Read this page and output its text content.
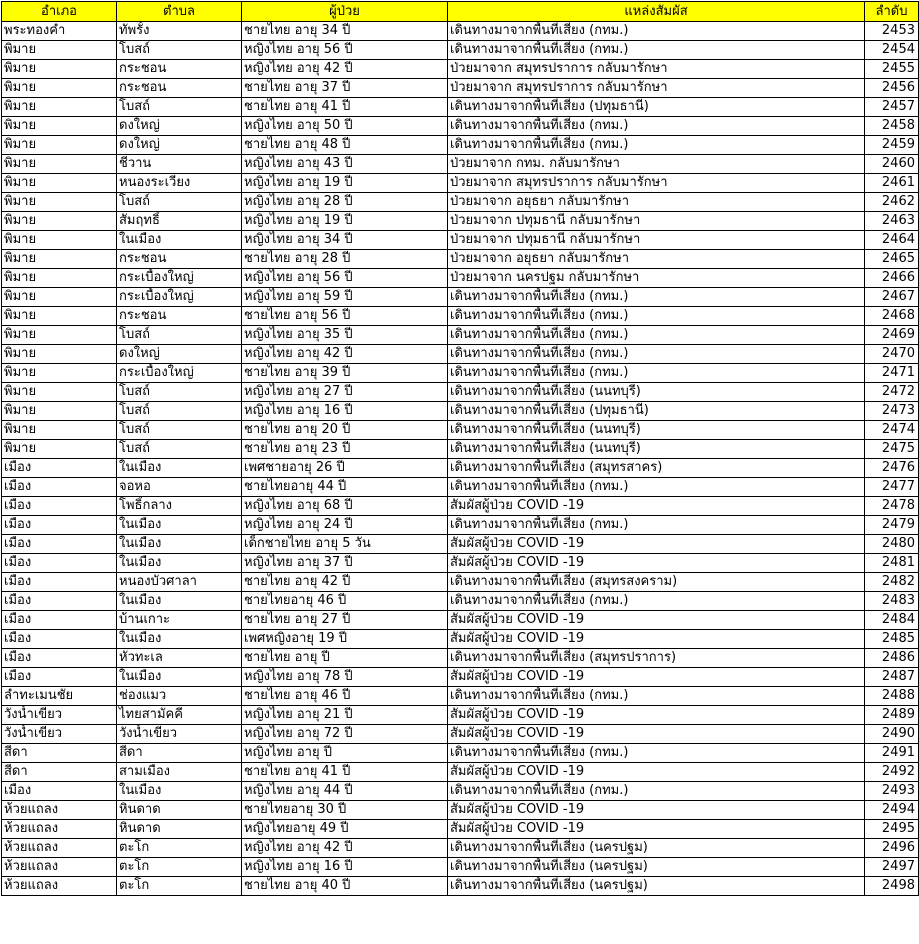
อำเภอ	ตำบล	ผู้ป่วย	แหล่งสัมผัส	ลำดับ
พระทองคำ	ทัพรั้ง	ชายไทย อายุ 34 ปี	เดินทางมาจากพื้นที่เสี่ยง (กทม.)	2453
พิมาย	โบสถ์	หญิงไทย อายุ 56 ปี	เดินทางมาจากพื้นที่เสี่ยง (กทม.)	2454
พิมาย	กระชอน	หญิงไทย อายุ 42 ปี	ป่วยมาจาก สมุทรปราการ กลับมารักษา	2455
พิมาย	กระชอน	ชายไทย อายุ 37 ปี	ป่วยมาจาก สมุทรปราการ กลับมารักษา	2456
พิมาย	โบสถ์	ชายไทย อายุ 41 ปี	เดินทางมาจากพื้นที่เสี่ยง (ปทุมธานี)	2457
พิมาย	ดงใหญ่	หญิงไทย อายุ 50 ปี	เดินทางมาจากพื้นที่เสี่ยง (กทม.)	2458
พิมาย	ดงใหญ่	ชายไทย อายุ 48 ปี	เดินทางมาจากพื้นที่เสี่ยง (กทม.)	2459
พิมาย	ชีวาน	หญิงไทย อายุ 43 ปี	ป่วยมาจาก กทม. กลับมารักษา	2460
พิมาย	หนองระเวียง	หญิงไทย อายุ 19 ปี	ป่วยมาจาก สมุทรปราการ กลับมารักษา	2461
พิมาย	โบสถ์	หญิงไทย อายุ 28 ปี	ป่วยมาจาก อยุธยา กลับมารักษา	2462
พิมาย	สัมฤทธิ์	หญิงไทย อายุ 19 ปี	ป่วยมาจาก ปทุมธานี กลับมารักษา	2463
พิมาย	ในเมือง	หญิงไทย อายุ 34 ปี	ป่วยมาจาก ปทุมธานี กลับมารักษา	2464
พิมาย	กระชอน	ชายไทย อายุ 28 ปี	ป่วยมาจาก อยุธยา กลับมารักษา	2465
พิมาย	กระเบื้องใหญ่	หญิงไทย อายุ 56 ปี	ป่วยมาจาก นครปฐม กลับมารักษา	2466
พิมาย	กระเบื้องใหญ่	หญิงไทย อายุ 59 ปี	เดินทางมาจากพื้นที่เสี่ยง (กทม.)	2467
พิมาย	กระชอน	ชายไทย อายุ 56 ปี	เดินทางมาจากพื้นที่เสี่ยง (กทม.)	2468
พิมาย	โบสถ์	หญิงไทย อายุ 35 ปี	เดินทางมาจากพื้นที่เสี่ยง (กทม.)	2469
พิมาย	ดงใหญ่	หญิงไทย อายุ 42 ปี	เดินทางมาจากพื้นที่เสี่ยง (กทม.)	2470
พิมาย	กระเบื้องใหญ่	ชายไทย อายุ 39 ปี	เดินทางมาจากพื้นที่เสี่ยง (กทม.)	2471
พิมาย	โบสถ์	หญิงไทย อายุ 27 ปี	เดินทางมาจากพื้นที่เสี่ยง (นนทบุรี)	2472
พิมาย	โบสถ์	หญิงไทย อายุ 16 ปี	เดินทางมาจากพื้นที่เสี่ยง (ปทุมธานี)	2473
พิมาย	โบสถ์	ชายไทย อายุ 20 ปี	เดินทางมาจากพื้นที่เสี่ยง (นนทบุรี)	2474
พิมาย	โบสถ์	ชายไทย อายุ 23 ปี	เดินทางมาจากพื้นที่เสี่ยง (นนทบุรี)	2475
เมือง	ในเมือง	เพศชายอายุ 26 ปี	เดินทางมาจากพื้นที่เสี่ยง (สมุทรสาคร)	2476
เมือง	จอหอ	ชายไทยอายุ 44 ปี	เดินทางมาจากพื้นที่เสี่ยง (กทม.)	2477
เมือง	โพธิ์กลาง	หญิงไทย อายุ 68 ปี	สัมผัสผู้ป่วย COVID -19	2478
เมือง	ในเมือง	หญิงไทย อายุ 24 ปี	เดินทางมาจากพื้นที่เสี่ยง (กทม.)	2479
เมือง	ในเมือง	เด็กชายไทย อายุ 5 วัน	สัมผัสผู้ป่วย COVID -19	2480
เมือง	ในเมือง	หญิงไทย อายุ 37 ปี	สัมผัสผู้ป่วย COVID -19	2481
เมือง	หนองบัวศาลา	ชายไทย อายุ 42 ปี	เดินทางมาจากพื้นที่เสี่ยง (สมุทรสงคราม)	2482
เมือง	ในเมือง	ชายไทยอายุ 46 ปี	เดินทางมาจากพื้นที่เสี่ยง (กทม.)	2483
เมือง	บ้านเกาะ	ชายไทย อายุ 27 ปี	สัมผัสผู้ป่วย COVID -19	2484
เมือง	ในเมือง	เพศหญิงอายุ 19 ปี	สัมผัสผู้ป่วย COVID -19	2485
เมือง	หัวทะเล	ชายไทย อายุ ปี	เดินทางมาจากพื้นที่เสี่ยง (สมุทรปราการ)	2486
เมือง	ในเมือง	หญิงไทย อายุ 78 ปี	สัมผัสผู้ป่วย COVID -19	2487
ลำทะเมนชัย	ช่องแมว	ชายไทย อายุ 46 ปี	เดินทางมาจากพื้นที่เสี่ยง (กทม.)	2488
วังน้ำเขียว	ไทยสามัคคี	หญิงไทย อายุ 21 ปี	สัมผัสผู้ป่วย COVID -19	2489
วังน้ำเขียว	วังน้ำเขียว	หญิงไทย อายุ 72 ปี	สัมผัสผู้ป่วย COVID -19	2490
สีดา	สีดา	หญิงไทย อายุ ปี	เดินทางมาจากพื้นที่เสี่ยง (กทม.)	2491
สีดา	สามเมือง	ชายไทย อายุ 41 ปี	สัมผัสผู้ป่วย COVID -19	2492
เมือง	ในเมือง	หญิงไทย อายุ 44 ปี	เดินทางมาจากพื้นที่เสี่ยง (กทม.)	2493
ห้วยแถลง	หินดาด	ชายไทยอายุ 30 ปี	สัมผัสผู้ป่วย COVID -19	2494
ห้วยแถลง	หินดาด	หญิงไทยอายุ 49 ปี	สัมผัสผู้ป่วย COVID -19	2495
ห้วยแถลง	ตะโก	หญิงไทย อายุ 42 ปี	เดินทางมาจากพื้นที่เสี่ยง (นครปฐม)	2496
ห้วยแถลง	ตะโก	หญิงไทย อายุ 16 ปี	เดินทางมาจากพื้นที่เสี่ยง (นครปฐม)	2497
ห้วยแถลง	ตะโก	ชายไทย อายุ 40 ปี	เดินทางมาจากพื้นที่เสี่ยง (นครปฐม)	2498
